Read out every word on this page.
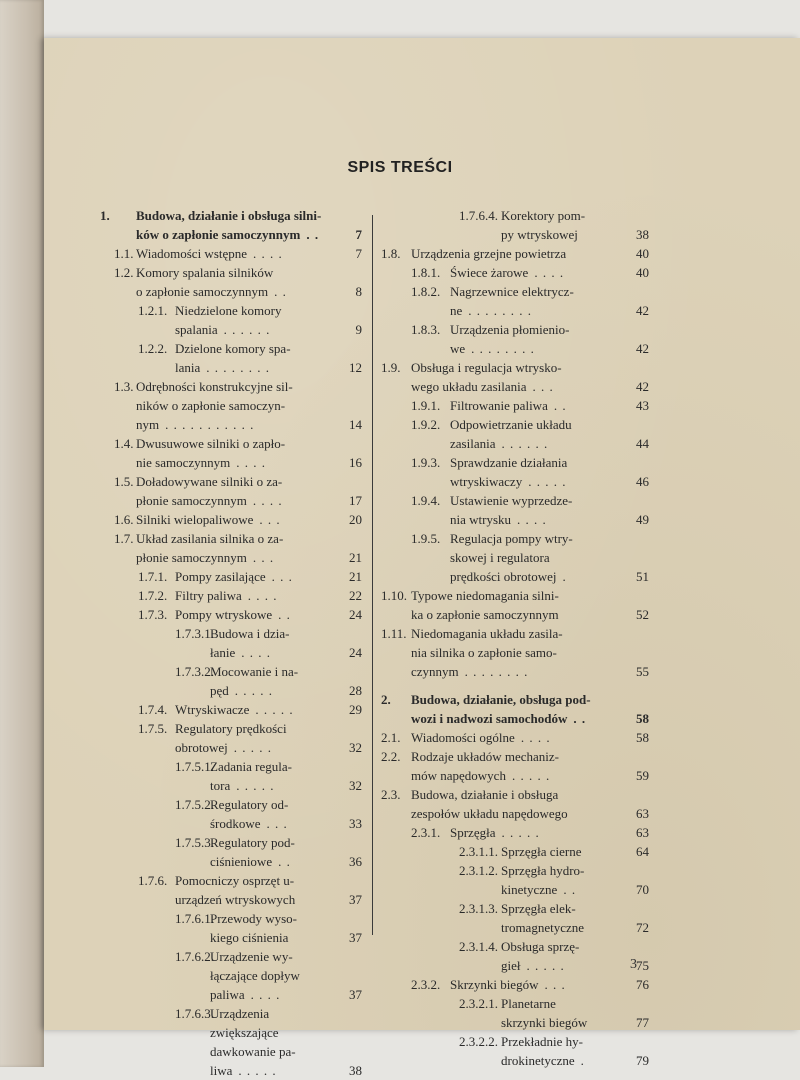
SPIS TREŚCI
1. Budowa, działanie i obsługa silni-
ków o zapłonie samoczynnym . .	7
1.1. Wiadomości wstępne . . . .	7
1.2. Komory spalania silników
o zapłonie samoczynnym . .	8
1.2.1. Niedzielone komory
spalania . . . . . .	9
1.2.2. Dzielone komory spa-
lania . . . . . . . .	12
1.3. Odrębności konstrukcyjne sil-
ników o zapłonie samoczyn-
nym . . . . . . . . . . .	14
1.4. Dwusuwowe silniki o zapło-
nie samoczynnym . . . .	16
1.5. Doładowywane silniki o za-
płonie samoczynnym . . . .	17
1.6. Silniki wielopaliwowe . . .	20
1.7. Układ zasilania silnika o za-
płonie samoczynnym . . .	21
1.7.1. Pompy zasilające . . .	21
1.7.2. Filtry paliwa . . . .	22
1.7.3. Pompy wtryskowe . .	24
1.7.3.1.
Budowa i dzia-
łanie . . . .	24
1.7.3.2.
Mocowanie i na-
pęd . . . . .	28
1.7.4. Wtryskiwacze . . . . .	29
1.7.5. Regulatory prędkości
obrotowej . . . . .	32
1.7.5.1.
Zadania regula-
tora . . . . .	32
1.7.5.2.
Regulatory od-
środkowe . . .	33
1.7.5.3.
Regulatory pod-
ciśnieniowe . .	36
1.7.6. Pomocniczy osprzęt u-
urządzeń wtryskowych	37
1.7.6.1.
Przewody wyso-
kiego ciśnienia	37
1.7.6.2.
Urządzenie wy-
łączające dopływ
paliwa . . . .	37
1.7.6.3.
Urządzenia
zwiększające
dawkowanie pa-
liwa . . . . .	38
1.7.6.4. Korektory pom-
py wtryskowej	38
1.8. Urządzenia grzejne powietrza	40
1.8.1. Świece żarowe . . . .	40
1.8.2. Nagrzewnice elektrycz-
ne . . . . . . . .	42
1.8.3. Urządzenia płomienio-
we . . . . . . . .	42
1.9. Obsługa i regulacja wtrysko-
wego układu zasilania . . .	42
1.9.1. Filtrowanie paliwa . .	43
1.9.2. Odpowietrzanie układu
zasilania . . . . . .	44
1.9.3. Sprawdzanie działania
wtryskiwaczy . . . . .	46
1.9.4. Ustawienie wyprzedze-
nia wtrysku . . . .	49
1.9.5. Regulacja pompy wtry-
skowej i regulatora
prędkości obrotowej .	51
1.10. Typowe niedomagania silni-
ka o zapłonie samoczynnym	52
1.11. Niedomagania układu zasila-
nia silnika o zapłonie samo-
czynnym . . . . . . . .	55
2. Budowa, działanie, obsługa pod-
wozi i nadwozi samochodów . .	58
2.1. Wiadomości ogólne . . . .	58
2.2. Rodzaje układów mechaniz-
mów napędowych . . . . .	59
2.3. Budowa, działanie i obsługa
zespołów układu napędowego	63
2.3.1. Sprzęgła . . . . .	63
2.3.1.1. Sprzęgła cierne	64
2.3.1.2. Sprzęgła hydro-
kinetyczne . .	70
2.3.1.3. Sprzęgła elek-
tromagnetyczne	72
2.3.1.4. Obsługa sprzę-
gieł . . . . .	75
2.3.2. Skrzynki biegów . . .	76
2.3.2.1. Planetarne
skrzynki biegów	77
2.3.2.2. Przekładnie hy-
drokinetyczne .	79
3
